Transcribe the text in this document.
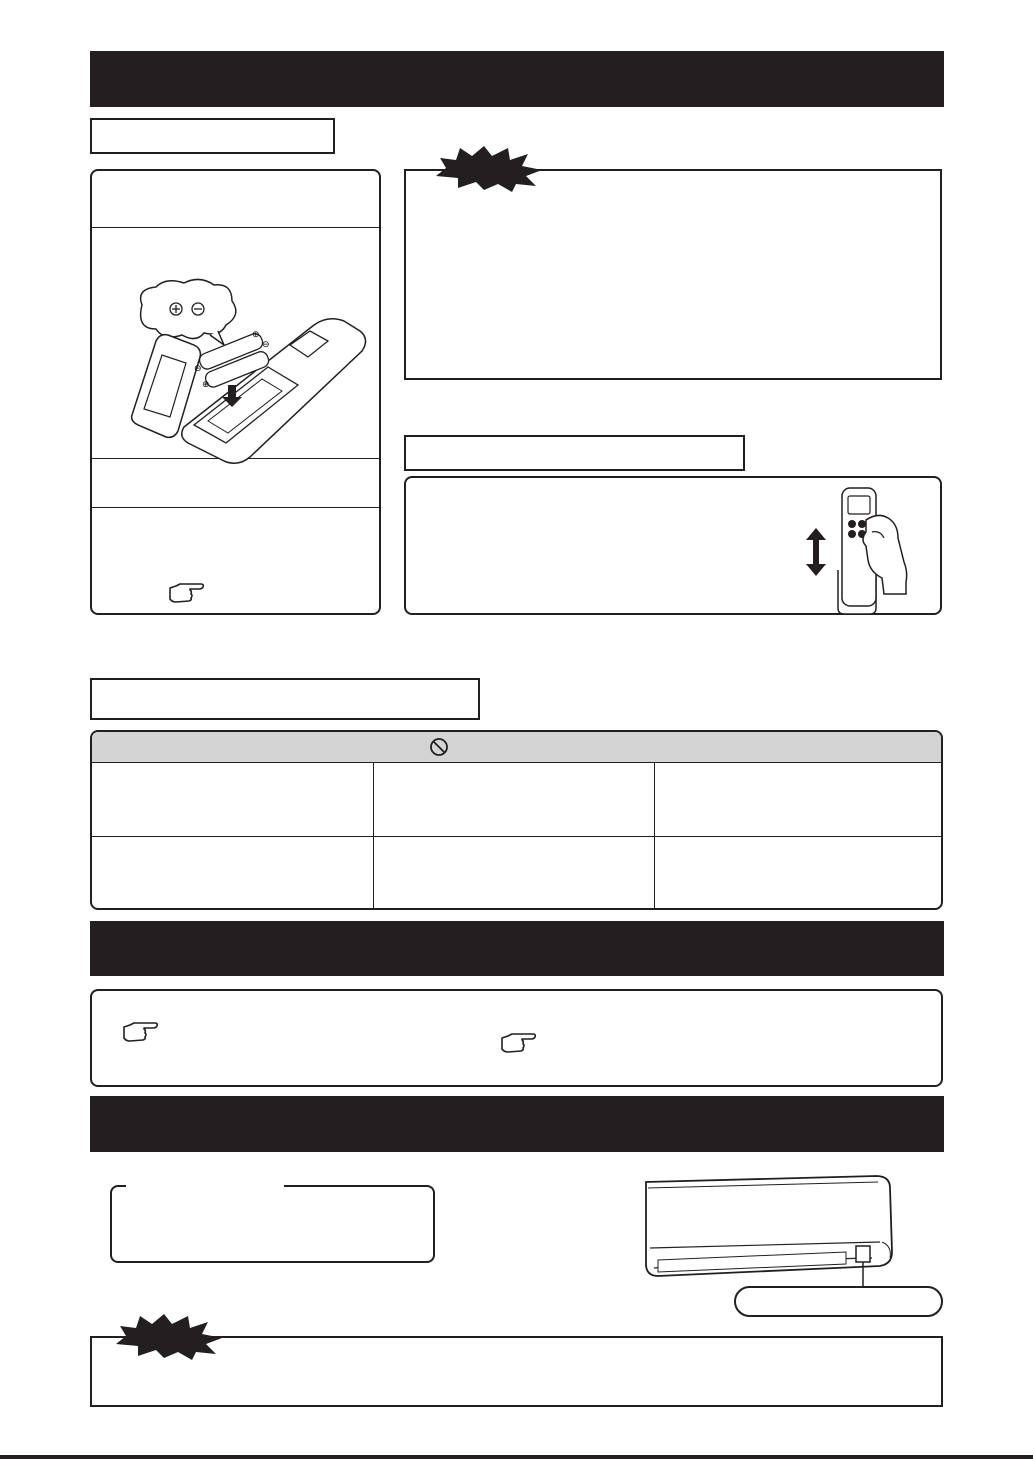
⊕
⊖
⊖
⊕
